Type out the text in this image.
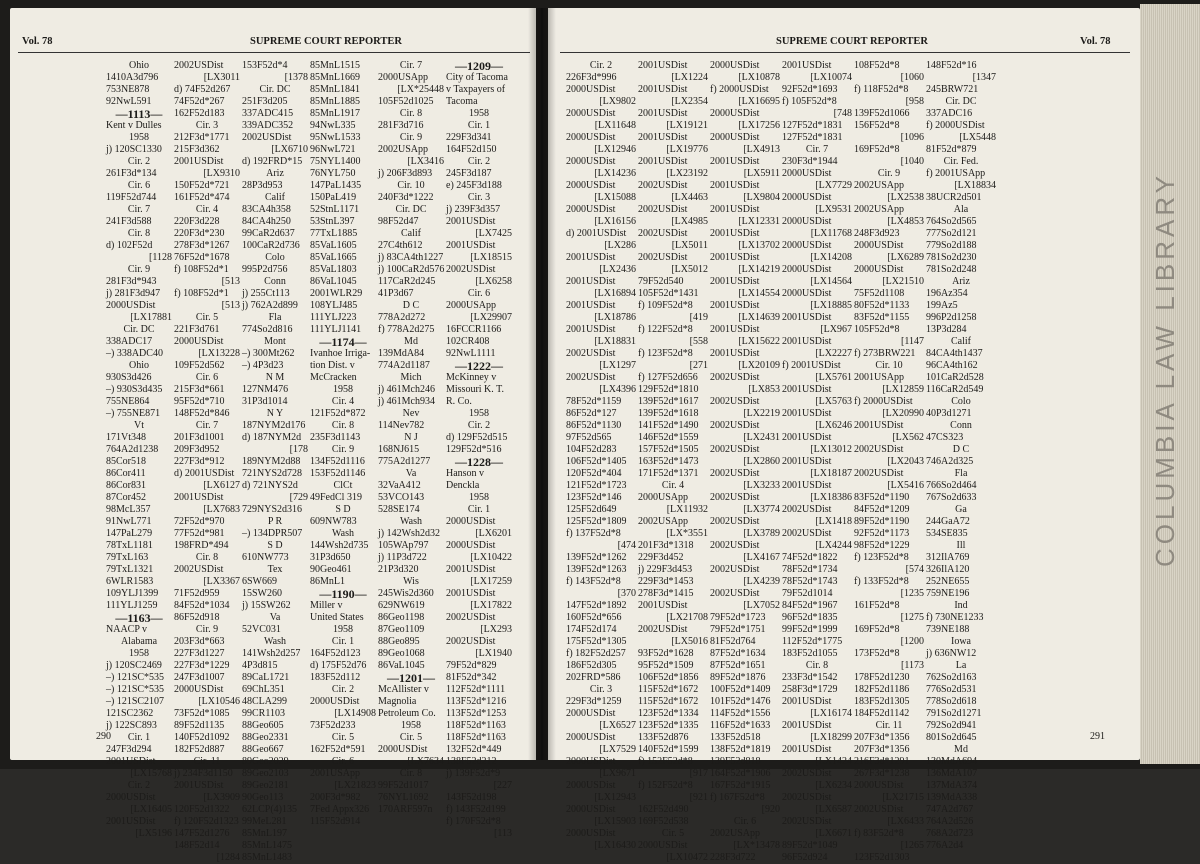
Vol. 78	SUPREME COURT REPORTER
Ohio
1410A3d796
753NE878
92NwL591
—1113—
Kent v Dulles
1958
j) 120SC1330
Cir. 2
261F3d*134
Cir. 6
119F52d744
Cir. 7
241F3d588
Cir. 8
d) 102F52d
[1128
Cir. 9
281F3d*943
j) 281F3d947
2000USDist
[LX17881
Cir. DC
338ADC17
–) 338ADC40
Ohio
930S3d426
–) 930S3d435
755NE864
–) 755NE871
Vt
171Vt348
764A2d1238
85Cor518
86Cor411
86Cor831
87Cor452
98McL357
91NwL771
147PaL279
78TxL1181
79TxL163
79TxL1321
6WLR1583
109YLJ1399
111YLJ1259
—1163—
NAACP v
Alabama
1958
j) 120SC2469
–) 121SC*535
–) 121SC*535
–) 121SC2107
121SC2362
j) 122SC893
Cir. 1
247F3d294
2001USDist
[LX15768
Cir. 2
2000USDist
[LX16405
2001USDist
[LX5196
2002USDist
[LX3011
d) 74F52d267
74F52d*267
162F52d183
Cir. 3
212F3d*1771
215F3d362
2001USDist
[LX9310
150F52d*721
161F52d*474
Cir. 4
220F3d228
220F3d*230
278F3d*1267
76F52d*1678
f) 108F52d*1
[513
f) 108F52d*1
[513
Cir. 5
221F3d761
2000USDist
[LX13228
109F52d562
Cir. 6
215F3d*661
95F52d*710
148F52d*846
Cir. 7
201F3d1001
209F3d952
227F3d*912
d) 2001USDist
[LX6127
2001USDist
[LX7683
72F52d*970
77F52d*981
198FRD*494
Cir. 8
2002USDist
[LX3367
71F52d959
84F52d*1034
86F52d918
Cir. 9
203F3d*663
227F3d1227
227F3d*1229
247F3d1007
2000USDist
[LX10546
73F52d*1085
89F52d1135
140F52d1092
182F52d887
Cir. 11
j) 234F3d1150
2001USDist
[LX3909
120F52d1322
f) 120F52d1323
147F52d1276
148F52d14
[1284
153F52d*4
[1378
Cir. DC
251F3d205
337ADC415
339ADC352
2002USDist
[LX6710
d) 192FRD*15
Ariz
28P3d953
Calif
83CA4h358
84CA4h250
99CaR2d637
100CaR2d736
Colo
995P2d756
Conn
j) 255Ct113
j) 762A2d899
Fla
774So2d816
Mont
–) 300Mt262
–) 4P3d23
N M
127NM476
31P3d1014
N Y
187NYM2d176
d) 187NYM2d
[178
189NYM2d88
721NYS2d728
d) 721NYS2d
[729
729NYS2d316
P R
–) 134DPR507
S D
610NW773
Tex
6SW669
15SW260
j) 15SW262
Va
52VC031
Wash
141Wsh2d257
4P3d815
89CaL1721
69ChL351
48CLA299
99CR1103
88Geo605
88Geo2331
88Geo667
89Geo2029
89Geo2103
89Geo2181
90Geo113
62LCP(4)135
99MeL281
85MnL197
85MnL1475
85MnL1483
85MnL1515
85MnL1669
85MnL1841
85MnL1885
85MnL1917
94NwL335
95NwL1533
96NwL721
75NYL1400
76NYL750
147PaL1435
150PaL419
52StnL1171
53StnL397
77TxL1885
85VaL1605
85VaL1665
85VaL1803
86VaL1045
2001WLR29
108YLJ485
111YLJ223
111YLJ1141
—1174—
Ivanhoe Irriga-
tion Dist. v
McCracken
1958
Cir. 4
121F52d*872
Cir. 8
235F3d1143
Cir. 9
134F52d1116
153F52d1146
ClCt
49FedCl 319
S D
609NW783
Wash
144Wsh2d735
31P3d650
90Geo461
86MnL1
—1190—
Miller v
United States
1958
Cir. 1
164F52d123
d) 175F52d76
183F52d112
Cir. 2
2000USDist
[LX14908
73F52d233
Cir. 5
162F52d*591
Cir. 6
2001USApp
[LX21823
200F3d*982
7Fed Appx326
115F52d914
Cir. 7
2000USApp
[LX*25448
105F52d1025
Cir. 8
281F3d716
Cir. 9
2002USApp
[LX3416
j) 206F3d893
Cir. 10
240F3d*1222
Cir. DC
98F52d47
Calif
27C4th612
j) 83CA4th1227
j) 100CaR2d576
117CaR2d245
41P3d67
D C
778A2d272
f) 778A2d275
Md
139MdA84
774A2d1187
Mich
j) 461Mch246
j) 461Mch934
Nev
114Nev782
N J
168NJ615
775A2d1277
Va
32VaA412
53VCO143
528SE174
Wash
j) 142Wsh2d32
105WAp797
j) 11P3d722
21P3d320
Wis
245Wis2d360
629NW619
86Geo1198
87Geo1109
88Geo895
89Geo1068
86VaL1045
—1201—
McAllister v
Magnolia
Petroleum Co.
1958
Cir. 5
2000USDist
[LX7634
Cir. 8
99F52d1017
76NYL1692
170ARF597n
—1209—
City of Tacoma
v Taxpayers of
Tacoma
1958
Cir. 1
229F3d341
164F52d150
Cir. 2
245F3d187
e) 245F3d188
Cir. 3
j) 239F3d357
2001USDist
[LX7425
2001USDist
[LX18515
2002USDist
[LX6258
Cir. 6
2000USApp
[LX29907
16FCCR1166
102CR408
92NwL1111
—1222—
McKinney v
Missouri K. T.
R. Co.
1958
Cir. 2
d) 129F52d515
129F52d*516
—1228—
Hanson v
Denckla
1958
Cir. 1
2000USDist
[LX6201
2000USDist
[LX10422
2001USDist
[LX17259
2001USDist
[LX17822
2002USDist
[LX293
2002USDist
[LX1940
79F52d*829
81F52d*342
112F52d*1111
113F52d*1216
113F52d*1253
118F52d*1163
118F52d*1163
132F52d*449
138F52d212
j) 139F52d*9
[227
143F52d198
f) 143F52d199
f) 170F52d*8
[113
290
SUPREME COURT REPORTER	Vol. 78
Cir. 2
226F3d*996
2000USDist
[LX9802
2000USDist
[LX11648
2000USDist
[LX12946
2000USDist
[LX14236
2000USDist
[LX15088
2000USDist
[LX16156
d) 2001USDist
[LX286
2001USDist
[LX2436
2001USDist
[LX16894
2001USDist
[LX18786
2001USDist
[LX18831
2002USDist
[LX1297
2002USDist
[LX4396
78F52d*1159
86F52d*127
86F52d*1130
97F52d565
104F52d283
106F52d*1405
120F52d*404
121F52d*1723
123F52d*146
125F52d649
125F52d*1809
f) 137F52d*8
[474
139F52d*1262
139F52d*1263
f) 143F52d*8
[370
147F52d*1892
160F52d*656
174F52d174
175F52d*1305
f) 182F52d257
186F52d305
202FRD*586
Cir. 3
229F3d*1259
2000USDist
[LX6527
2000USDist
[LX7529
2000USDist
[LX9671
2000USDist
[LX12943
2000USDist
[LX15903
2000USDist
[LX16430
2001USDist
[LX1224
2001USDist
[LX2354
2001USDist
[LX19121
2001USDist
[LX19776
2001USDist
[LX23192
2002USDist
[LX4463
2002USDist
[LX4985
2002USDist
[LX5011
2002USDist
[LX5012
79F52d540
105F52d*1431
f) 109F52d*8
[419
f) 122F52d*8
[558
f) 123F52d*8
[271
f) 127F52d656
129F52d*1810
139F52d*1617
139F52d*1618
141F52d*1490
146F52d*1559
157F52d*1505
163F52d*1473
171F52d*1371
Cir. 4
2000USApp
[LX11932
2002USApp
[LX*3551
201F3d*1318
229F3d452
j) 229F3d453
229F3d*1453
278F3d*1415
2001USDist
[LX21708
2002USDist
[LX5016
93F52d*1628
95F52d*1509
106F52d*1856
115F52d*1672
115F52d*1672
123F52d*1334
123F52d*1335
133F52d876
140F52d*1599
f) 152F52d*8
[917
f) 152F52d*8
[921
162F52d490
169F52d538
Cir. 5
2000USDist
[LX10472
2000USDist
[LX10878
f) 2000USDist
[LX16695
2000USDist
[LX17256
2000USDist
[LX4913
2001USDist
[LX5911
2001USDist
[LX9804
2001USDist
[LX12331
2001USDist
[LX13702
2001USDist
[LX14219
2001USDist
[LX14554
2001USDist
[LX14639
2001USDist
[LX15622
2001USDist
[LX20109
2002USDist
[LX853
2002USDist
[LX2219
2002USDist
[LX2431
2002USDist
[LX2860
2002USDist
[LX3233
2002USDist
[LX3774
2002USDist
[LX3789
2002USDist
[LX4167
2002USDist
[LX4239
2002USDist
[LX7052
79F52d*1723
79F52d*1751
81F52d764
87F52d*1634
87F52d*1651
89F52d*1876
100F52d*1409
101F52d*1476
114F52d*1556
116F52d*1633
133F52d518
138F52d*1819
139F52d818
164F52d*1906
167F52d*1915
f) 167F52d*8
[920
Cir. 6
2002USApp
[LX*13478
228F3d722
2001USDist
[LX10074
92F52d*1693
f) 105F52d*8
[748
127F52d*1831
127F52d*1831
Cir. 7
230F3d*1944
2000USDist
[LX7729
2000USDist
[LX9531
2000USDist
[LX11768
2000USDist
[LX14208
2000USDist
[LX14564
2000USDist
[LX18885
2001USDist
[LX967
2001USDist
[LX2227
f) 2001USDist
[LX5761
2001USDist
[LX5763
2001USDist
[LX6246
2001USDist
[LX13012
2001USDist
[LX18187
2001USDist
[LX18386
2002USDist
[LX1418
2002USDist
[LX4244
74F52d*1822
78F52d*1734
78F52d*1743
79F52d1014
84F52d*1967
96F52d*1835
99F52d*1999
112F52d*1775
183F52d1055
Cir. 8
233F3d*1542
258F3d*1729
2001USDist
[LX16174
2001USDist
[LX18299
2001USDist
[LX1424
2002USDist
[LX6234
2002USDist
[LX6587
2002USDist
[LX6671
89F52d*1049
96F52d924
108F52d*8
[1060
f) 118F52d*8
[958
139F52d1066
156F52d*8
[1096
169F52d*8
[1040
Cir. 9
2002USApp
[LX2538
2002USApp
[LX4853
248F3d923
2000USDist
[LX6289
2000USDist
[LX21510
75F52d1108
80F52d*1133
83F52d*1155
105F52d*8
[1147
f) 273BRW221
Cir. 10
2001USApp
[LX12859
f) 2000USDist
[LX20990
2001USDist
[LX562
2002USDist
[LX2043
2002USDist
[LX5416
83F52d*1190
84F52d*1209
89F52d*1190
92F52d*1173
98F52d*1229
f) 123F52d*8
[574
f) 133F52d*8
[1235
161F52d*8
[1275
169F52d*8
[1200
173F52d*8
[1173
178F52d1230
182F52d1186
183F52d1305
184F52d1142
Cir. 11
207F3d*1356
207F3d*1356
216F3d*1291
267F3d*1238
2000USDist
[LX21715
2002USDist
[LX6433
f) 83F52d*8
[1265
123F52d1303
148F52d*16
[1347
245BRW721
Cir. DC
337ADC16
f) 2000USDist
[LX5448
81F52d*879
Cir. Fed.
f) 2001USApp
[LX18834
38UCR2d501
Ala
764So2d565
777So2d121
779So2d188
781So2d230
781So2d248
Ariz
196Az354
199Az5
996P2d1258
13P3d284
Calif
84CA4th1437
96CA4th162
101CaR2d528
116CaR2d549
Colo
40P3d1271
Conn
47CS323
D C
746A2d325
Fla
766So2d464
767So2d633
Ga
244GaA72
534SE835
Ill
312IlA769
326IlA120
252NE655
759NE196
Ind
f) 730NE1233
739NE188
Iowa
j) 636NW12
La
762So2d163
776So2d531
778So2d618
791So2d1271
792So2d941
801So2d645
Md
130MdA694
136MdA107
137MdA374
139MdA338
747A2d767
764A2d526
768A2d723
776A2d4
291
COLUMBIA LAW LIBRARY
